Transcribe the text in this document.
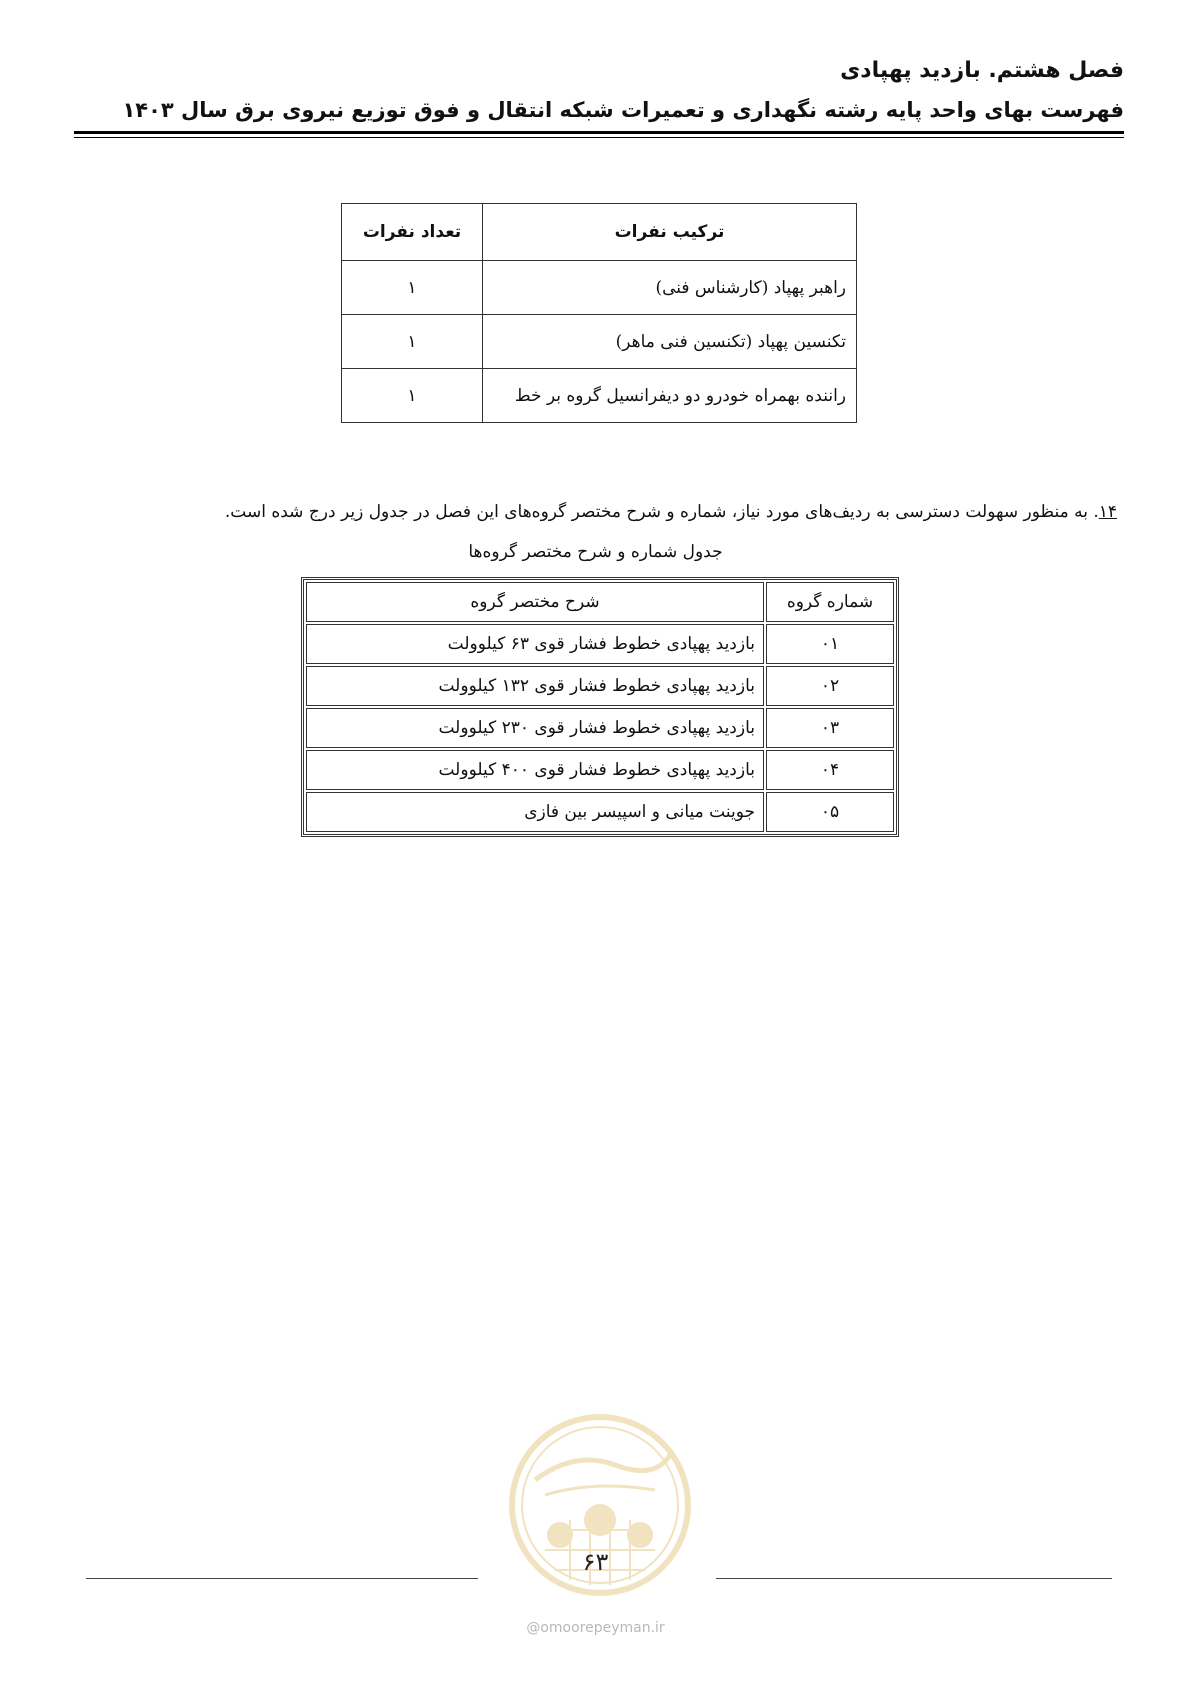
فصل هشتم. بازدید پهپادی
فهرست بهای واحد پایه رشته نگهداری و تعمیرات شبکه انتقال و فوق توزیع نیروی برق سال ۱۴۰۳
ترکیب نفرات	تعداد نفرات
راهبر پهپاد (کارشناس فنی)	۱
تکنسین پهپاد (تکنسین فنی ماهر)	۱
راننده بهمراه خودرو دو دیفرانسیل گروه بر خط	۱
۱۴. به منظور سهولت دسترسی به ردیف‌های مورد نیاز، شماره و شرح مختصر گروه‌های این فصل در جدول زیر درج شده است.
جدول شماره و شرح مختصر گروه‌ها
شماره گروه	شرح مختصر گروه
۰۱	بازدید پهپادی خطوط فشار قوی ۶۳ کیلوولت
۰۲	بازدید پهپادی خطوط فشار قوی ۱۳۲ کیلوولت
۰۳	بازدید پهپادی خطوط فشار قوی ۲۳۰ کیلوولت
۰۴	بازدید پهپادی خطوط فشار قوی ۴۰۰ کیلوولت
۰۵	جوینت میانی و اسپیسر بین فازی
۶۳
@omoorepeyman.ir
